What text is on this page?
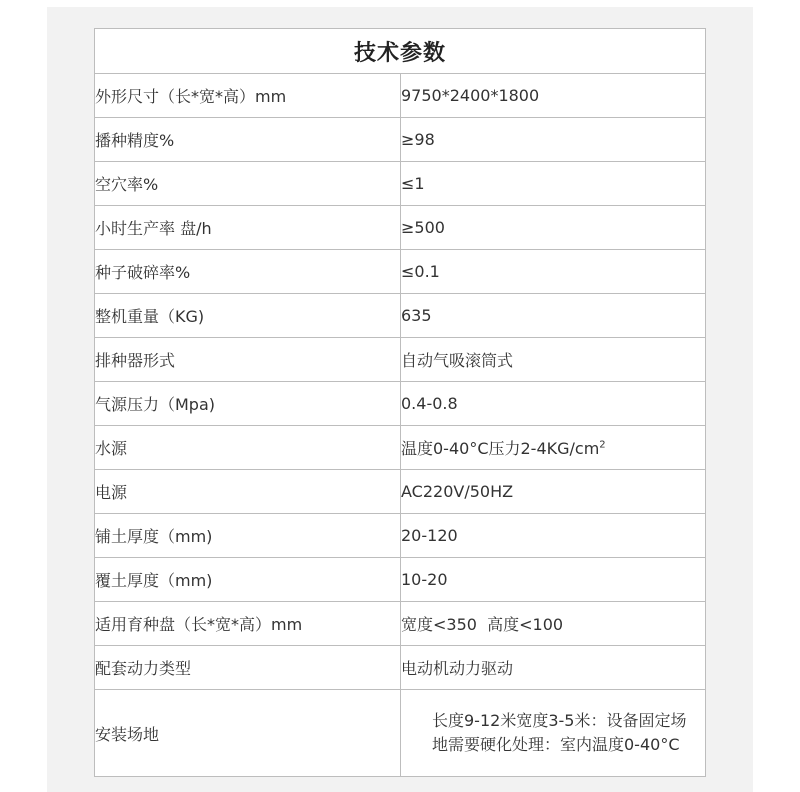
技术参数	
外形尺寸（长*宽*高）mm	9750*2400*1800
播种精度%	≥98
空穴率%	≤1
小时生产率 盘/h	≥500
种子破碎率%	≤0.1
整机重量（KG)	635
排种器形式	自动气吸滚筒式
气源压力（Mpa)	0.4-0.8
水源	温度0-40°C压力$2-4KG/cm^2$
电源	AC220V/50HZ
铺土厚度（mm)	20-120
覆土厚度（mm)	10-20
适用育种盘（长*宽*高）mm	宽度<350  高度<100
配套动力类型	电动机动力驱动
安装场地	长度9-12米宽度3-5米：设备固定场地需要硬化处理：室内温度0-40°C
